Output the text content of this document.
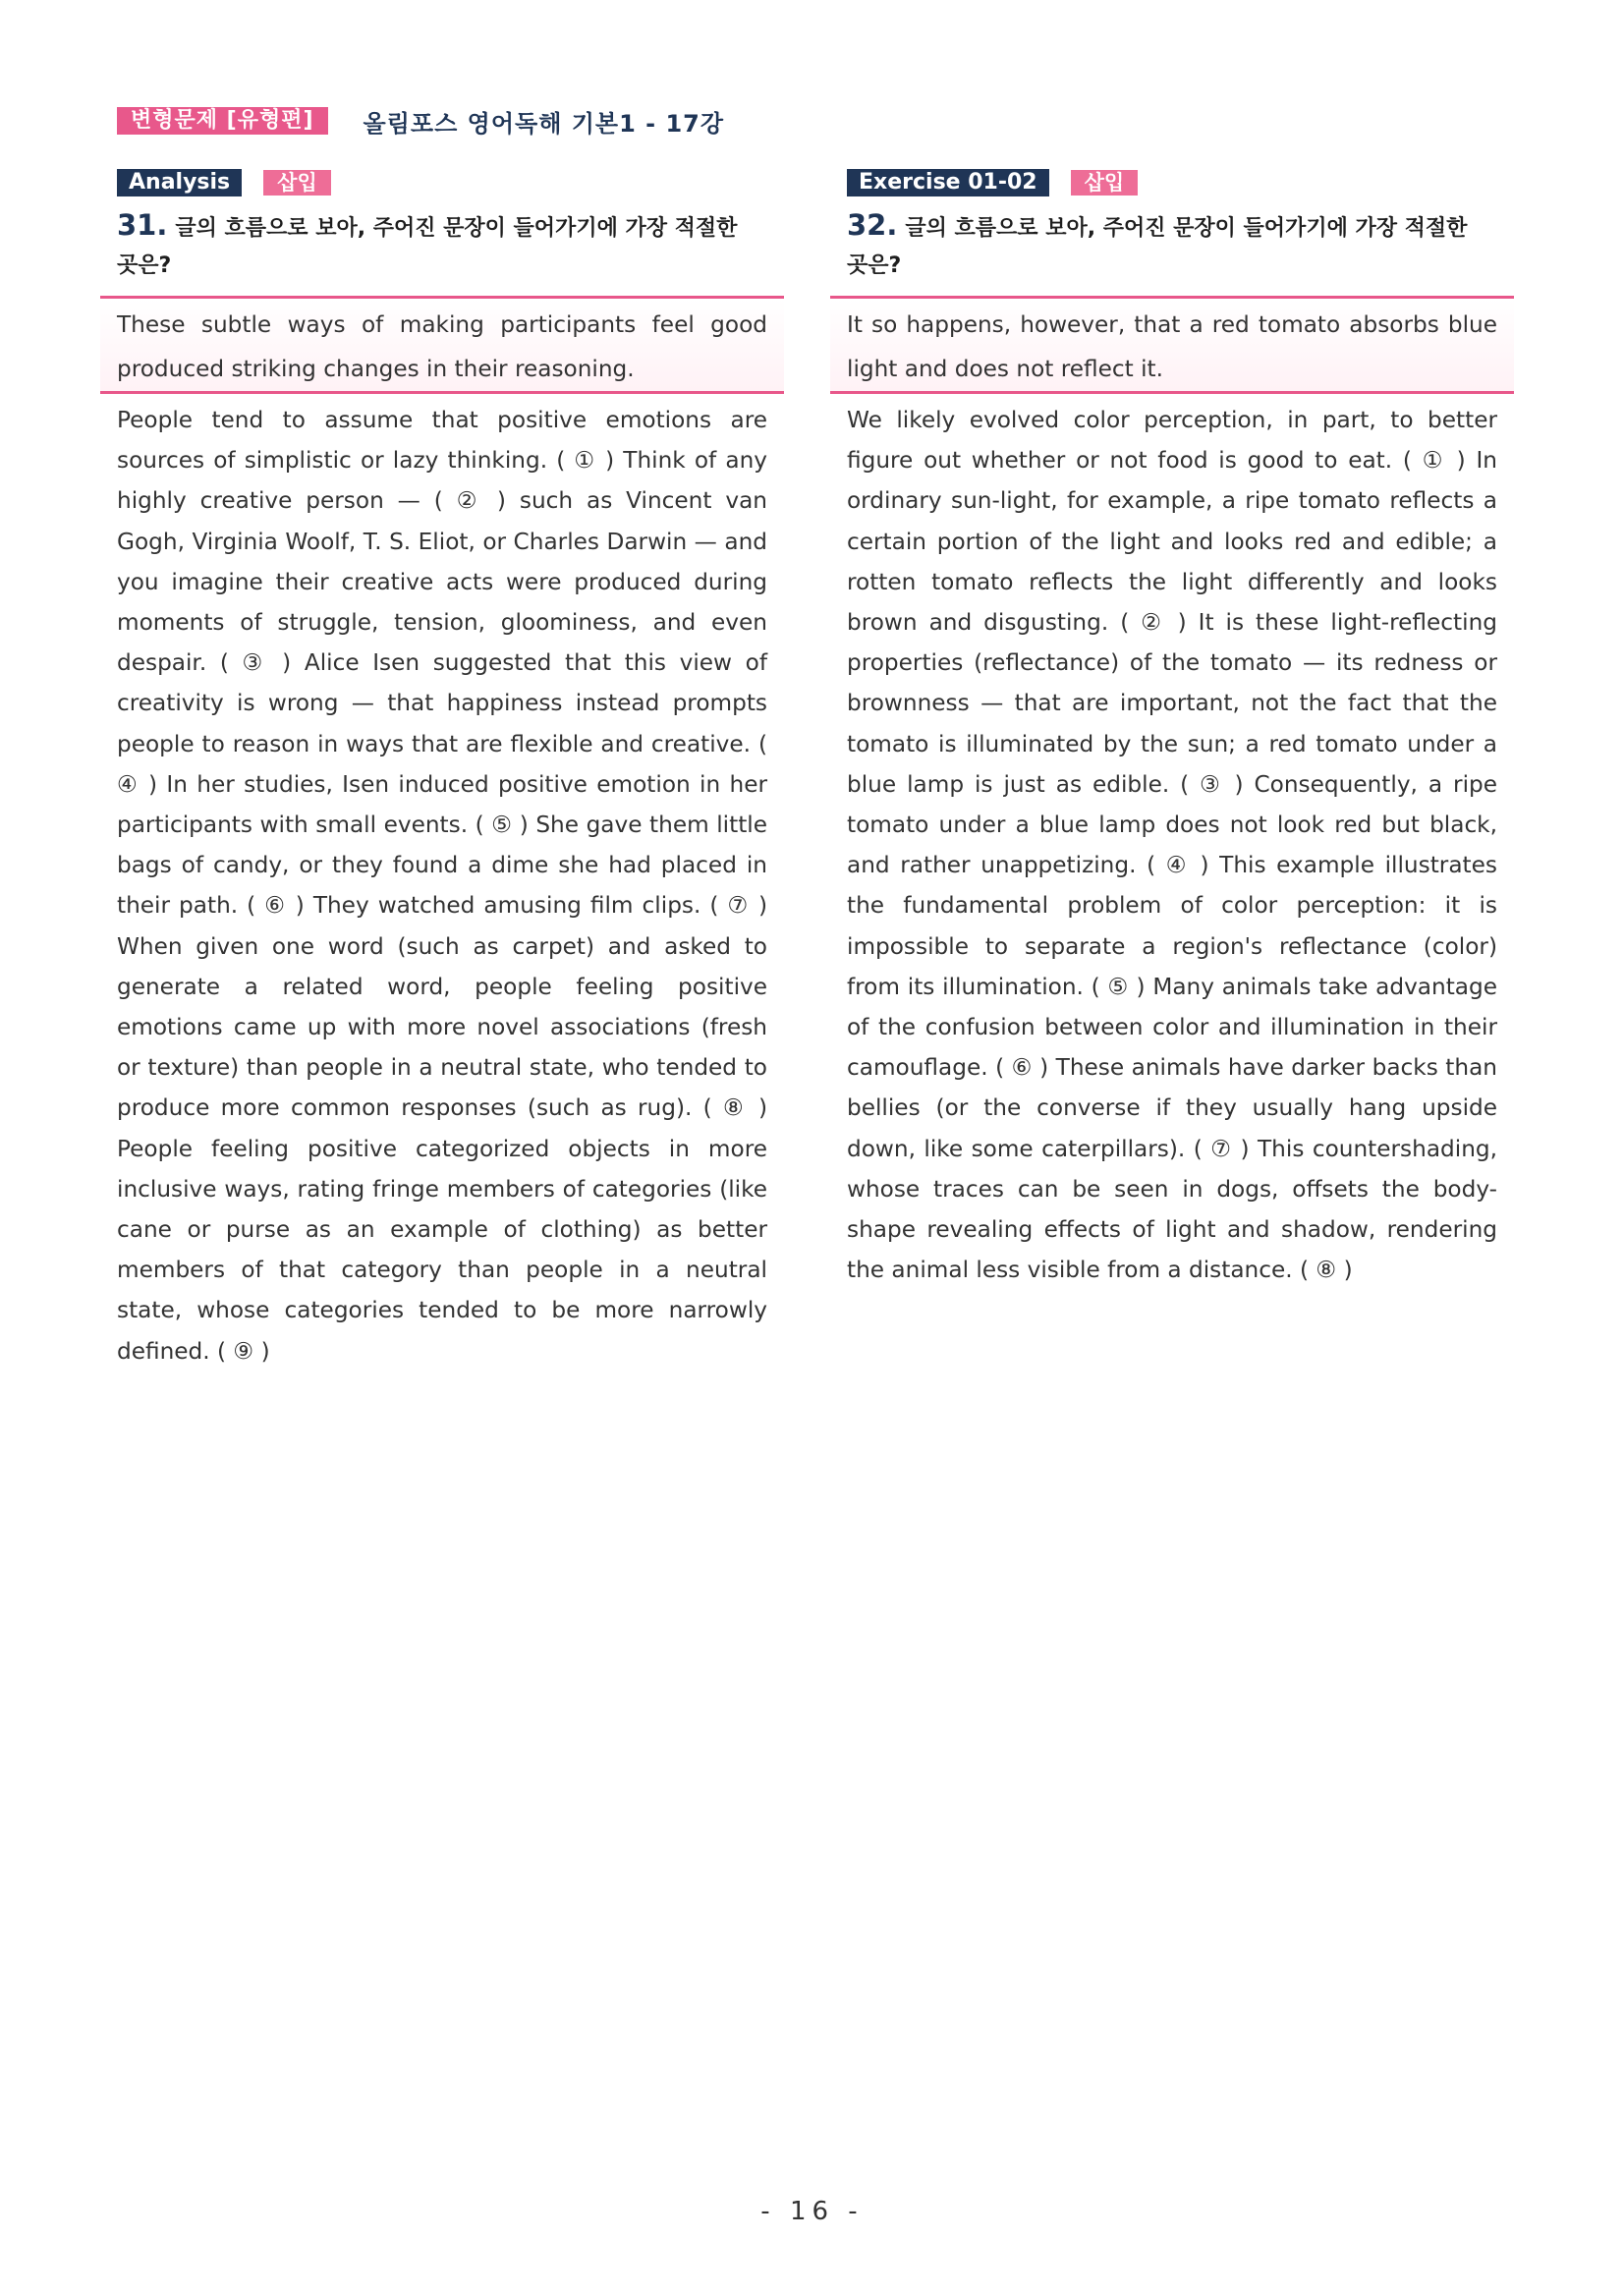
변형문제 [유형편]	올림포스 영어독해 기본1 - 17강
Analysis	삽입
31. 글의 흐름으로 보아, 주어진 문장이 들어가기에 가장 적절한 곳은?

These subtle ways of making participants feel good produced striking changes in their reasoning.

People tend to assume that positive emotions are sources of simplistic or lazy thinking. ( ① ) Think of any highly creative person — ( ② ) such as Vincent van Gogh, Virginia Woolf, T. S. Eliot, or Charles Darwin — and you imagine their creative acts were produced during moments of struggle, tension, gloominess, and even despair. ( ③ ) Alice Isen suggested that this view of creativity is wrong — that happiness instead prompts people to reason in ways that are flexible and creative. ( ④ ) In her studies, Isen induced positive emotion in her participants with small events. ( ⑤ ) She gave them little bags of candy, or they found a dime she had placed in their path. ( ⑥ ) They watched amusing film clips. ( ⑦ ) When given one word (such as carpet) and asked to generate a related word, people feeling positive emotions came up with more novel associations (fresh or texture) than people in a neutral state, who tended to produce more common responses (such as rug). ( ⑧ ) People feeling positive categorized objects in more inclusive ways, rating fringe members of categories (like cane or purse as an example of clothing) as better members of that category than people in a neutral state, whose categories tended to be more narrowly defined. ( ⑨ )

Exercise 01-02	삽입
32. 글의 흐름으로 보아, 주어진 문장이 들어가기에 가장 적절한 곳은?

It so happens, however, that a red tomato absorbs blue light and does not reflect it.

We likely evolved color perception, in part, to better figure out whether or not food is good to eat. ( ① ) In ordinary sun-light, for example, a ripe tomato reflects a certain portion of the light and looks red and edible; a rotten tomato reflects the light differently and looks brown and disgusting. ( ② ) It is these light-reflecting properties (reflectance) of the tomato — its redness or brownness — that are important, not the fact that the tomato is illuminated by the sun; a red tomato under a blue lamp is just as edible. ( ③ ) Consequently, a ripe tomato under a blue lamp does not look red but black, and rather unappetizing. ( ④ ) This example illustrates the fundamental problem of color perception: it is impossible to separate a region's reflectance (color) from its illumination. ( ⑤ ) Many animals take advantage of the confusion between color and illumination in their camouflage. ( ⑥ ) These animals have darker backs than bellies (or the converse if they usually hang upside down, like some caterpillars). ( ⑦ ) This countershading, whose traces can be seen in dogs, offsets the body-shape revealing effects of light and shadow, rendering the animal less visible from a distance. ( ⑧ )

- 16 -
